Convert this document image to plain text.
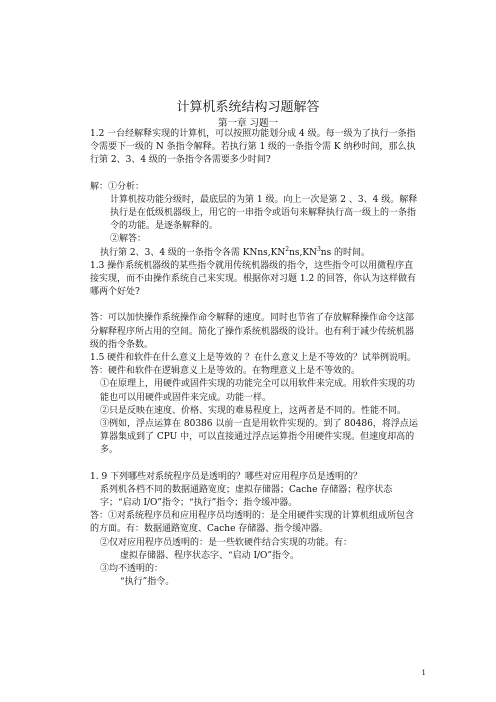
计算机系统结构习题解答
第一章 习题一

1.2 一台经解释实现的计算机，可以按照功能划分成 4 级。每一级为了执行一条指令需要下一级的 N 条指令解释。若执行第 1 级的一条指令需 K 纳秒时间，那么执行第 2、3、4 级的一条指令各需要多少时间?

解：①分析：

计算机按功能分级时，最底层的为第 1 级。向上一次是第 2 、3、4 级。解释执行是在低级机器级上，用它的一串指令或语句来解释执行高一级上的一条指令的功能。是逐条解释的。

②解答：

执行第 2、3、4 级的一条指令各需 $KNns,KN^2ns,KN^3ns$ 的时间。

1.3 操作系统机器级的某些指令就用传统机器级的指令，这些指令可以用微程序直接实现，而不由操作系统自己来实现。根据你对习题 1.2 的回答，你认为这样做有哪两个好处?

答：可以加快操作系统操作命令解释的速度。同时也节省了存放解释操作命令这部分解释程序所占用的空间。简化了操作系统机器级的设计。也有利于减少传统机器级的指令条数。

1.5 硬件和软件在什么意义上是等效的 ？在什么意义上是不等效的？试举例说明。

答：硬件和软件在逻辑意义上是等效的。在物理意义上是不等效的。

①在原理上，用硬件或固件实现的功能完全可以用软件来完成。用软件实现的功能也可以用硬件或固件来完成。功能一样。

②只是反映在速度、价格、实现的难易程度上，这两者是不同的。性能不同。

③例如，浮点运算在 80386 以前一直是用软件实现的。到了 80486，将浮点运算器集成到了 CPU 中，可以直接通过浮点运算指令用硬件实现。但速度却高的多。

1. 9 下列哪些对系统程序员是透明的？哪些对应用程序员是透明的？

系列机各档不同的数据通路宽度；虚拟存储器；Cache 存储器；程序状态字；“启动 I/O”指令；“执行”指令；指令缓冲器。

答：①对系统程序员和应用程序员均透明的：是全用硬件实现的计算机组成所包含的方面。有：数据通路宽度、Cache 存储器、指令缓冲器。

②仅对应用程序员透明的：是一些软硬件结合实现的功能。有：

虚拟存储器、程序状态字、“启动 I/O”指令。

③均不透明的：

“执行”指令。

1
